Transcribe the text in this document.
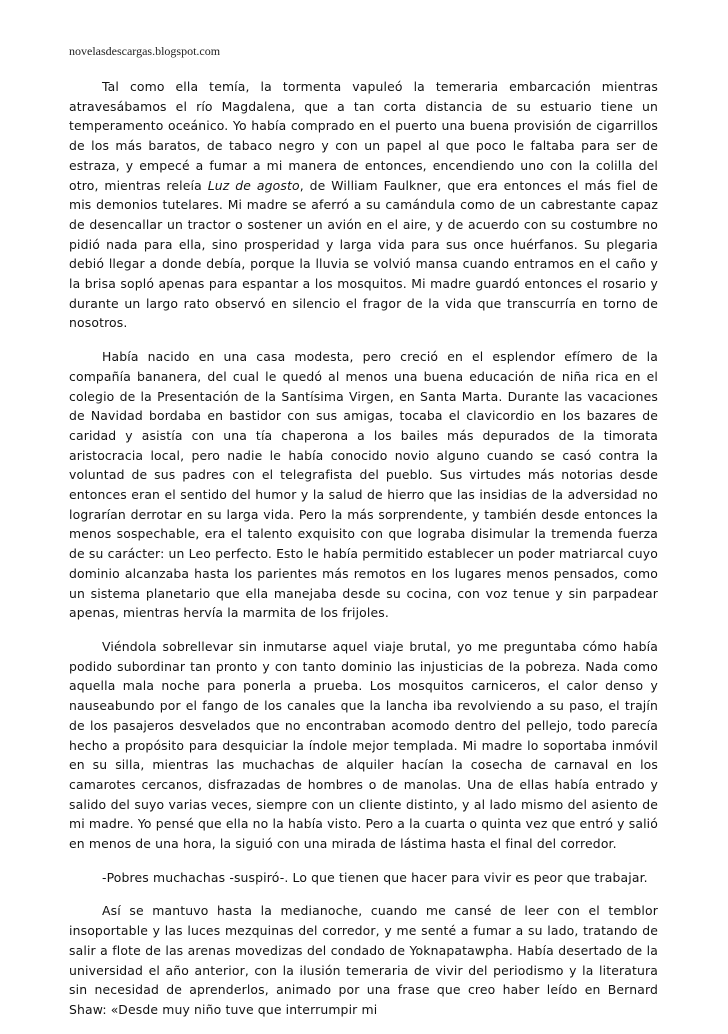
novelasdescargas.blogspot.com

Tal como ella temía, la tormenta vapuleó la temeraria embarcación mientras atravesábamos el río Magdalena, que a tan corta distancia de su estuario tiene un temperamento oceánico. Yo había comprado en el puerto una buena provisión de cigarrillos de los más baratos, de tabaco negro y con un papel al que poco le faltaba para ser de estraza, y empecé a fumar a mi manera de entonces, encendiendo uno con la colilla del otro, mientras releía Luz de agosto, de William Faulkner, que era entonces el más fiel de mis demonios tutelares. Mi madre se aferró a su camándula como de un cabrestante capaz de desencallar un tractor o sostener un avión en el aire, y de acuerdo con su costumbre no pidió nada para ella, sino prosperidad y larga vida para sus once huérfanos. Su plegaria debió llegar a donde debía, porque la lluvia se volvió mansa cuando entramos en el caño y la brisa sopló apenas para espantar a los mosquitos. Mi madre guardó entonces el rosario y durante un largo rato observó en silencio el fragor de la vida que transcurría en torno de nosotros.

Había nacido en una casa modesta, pero creció en el esplendor efímero de la compañía bananera, del cual le quedó al menos una buena educación de niña rica en el colegio de la Presentación de la Santísima Virgen, en Santa Marta. Durante las vacaciones de Navidad bordaba en bastidor con sus amigas, tocaba el clavicordio en los bazares de caridad y asistía con una tía chaperona a los bailes más depurados de la timorata aristocracia local, pero nadie le había conocido novio alguno cuando se casó contra la voluntad de sus padres con el telegrafista del pueblo. Sus virtudes más notorias desde entonces eran el sentido del humor y la salud de hierro que las insidias de la adversidad no lograrían derrotar en su larga vida. Pero la más sorprendente, y también desde entonces la menos sospechable, era el talento exquisito con que lograba disimular la tremenda fuerza de su carácter: un Leo perfecto. Esto le había permitido establecer un poder matriarcal cuyo dominio alcanzaba hasta los parientes más remotos en los lugares menos pensados, como un sistema planetario que ella manejaba desde su cocina, con voz tenue y sin parpadear apenas, mientras hervía la marmita de los frijoles.

Viéndola sobrellevar sin inmutarse aquel viaje brutal, yo me preguntaba cómo había podido subordinar tan pronto y con tanto dominio las injusticias de la pobreza. Nada como aquella mala noche para ponerla a prueba. Los mosquitos carniceros, el calor denso y nauseabundo por el fango de los canales que la lancha iba revolviendo a su paso, el trajín de los pasajeros desvelados que no encontraban acomodo dentro del pellejo, todo parecía hecho a propósito para desquiciar la índole mejor templada. Mi madre lo soportaba inmóvil en su silla, mientras las muchachas de alquiler hacían la cosecha de carnaval en los camarotes cercanos, disfrazadas de hombres o de manolas. Una de ellas había entrado y salido del suyo varias veces, siempre con un cliente distinto, y al lado mismo del asiento de mi madre. Yo pensé que ella no la había visto. Pero a la cuarta o quinta vez que entró y salió en menos de una hora, la siguió con una mirada de lástima hasta el final del corredor.

-Pobres muchachas -suspiró-. Lo que tienen que hacer para vivir es peor que trabajar.

Así se mantuvo hasta la medianoche, cuando me cansé de leer con el temblor insoportable y las luces mezquinas del corredor, y me senté a fumar a su lado, tratando de salir a flote de las arenas movedizas del condado de Yoknapatawpha. Había desertado de la universidad el año anterior, con la ilusión temeraria de vivir del periodismo y la literatura sin necesidad de aprenderlos, animado por una frase que creo haber leído en Bernard Shaw: «Desde muy niño tuve que interrumpir mi
